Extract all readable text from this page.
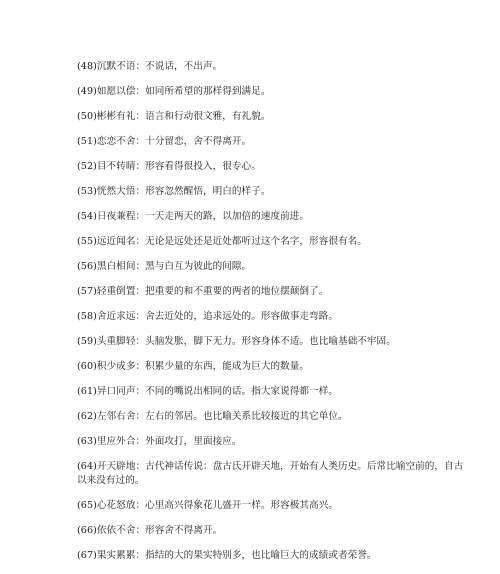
(48)沉默不语：不说话，不出声。
(49)如愿以偿：如同所希望的那样得到满足。
(50)彬彬有礼：语言和行动很文雅，有礼貌。
(51)恋恋不舍：十分留恋，舍不得离开。
(52)目不转睛：形容看得很投入，很专心。
(53)恍然大悟：形容忽然醒悟，明白的样子。
(54)日夜兼程：一天走两天的路，以加倍的速度前进。
(55)远近闻名：无论是远处还是近处都听过这个名字，形容很有名。
(56)黑白相间：黑与白互为彼此的间隙。
(57)轻重倒置：把重要的和不重要的两者的地位摆颠倒了。
(58)舍近求远：舍去近处的，追求远处的。形容做事走弯路。
(59)头重脚轻：头脑发胀，脚下无力。形容身体不适。也比喻基础不牢固。
(60)积少成多：积累少量的东西，能成为巨大的数量。
(61)异口同声：不同的嘴说出相同的话。指大家说得都一样。
(62)左邻右舍：左右的邻居。也比喻关系比较接近的其它单位。
(63)里应外合：外面攻打，里面接应。
(64)开天辟地：古代神话传说：盘古氏开辟天地，开始有人类历史。后常比喻空前的，自古以来没有过的。
(65)心花怒放：心里高兴得象花儿盛开一样。形容极其高兴。
(66)依依不舍：形容舍不得离开。
(67)果实累累：指结的大的果实特别多，也比喻巨大的成绩或者荣誉。
